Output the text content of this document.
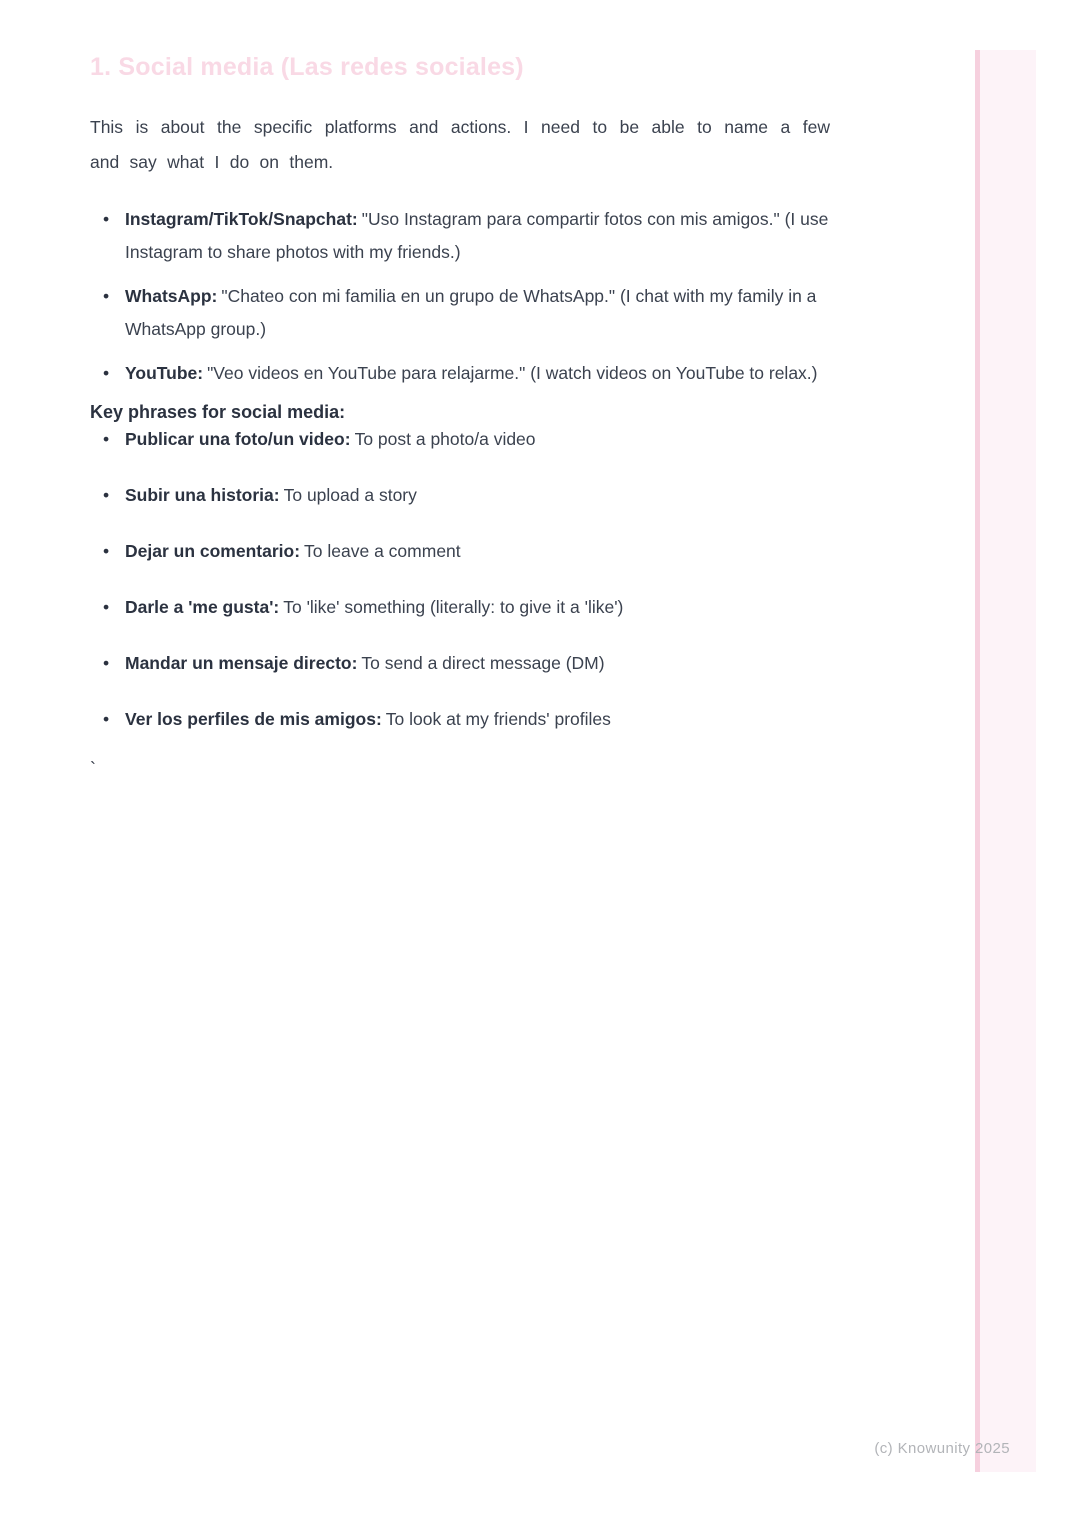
1. Social media (Las redes sociales)

This is about the specific platforms and actions. I need to be able to name a few and say what I do on them.

• Instagram/TikTok/Snapchat: "Uso Instagram para compartir fotos con mis amigos." (I use Instagram to share photos with my friends.)
• WhatsApp: "Chateo con mi familia en un grupo de WhatsApp." (I chat with my family in a WhatsApp group.)
• YouTube: "Veo videos en YouTube para relajarme." (I watch videos on YouTube to relax.)
Key phrases for social media:
• Publicar una foto/un video: To post a photo/a video
• Subir una historia: To upload a story
• Dejar un comentario: To leave a comment
• Darle a 'me gusta': To 'like' something (literally: to give it a 'like')
• Mandar un mensaje directo: To send a direct message (DM)
• Ver los perfiles de mis amigos: To look at my friends' profiles
`
(c) Knowunity 2025
